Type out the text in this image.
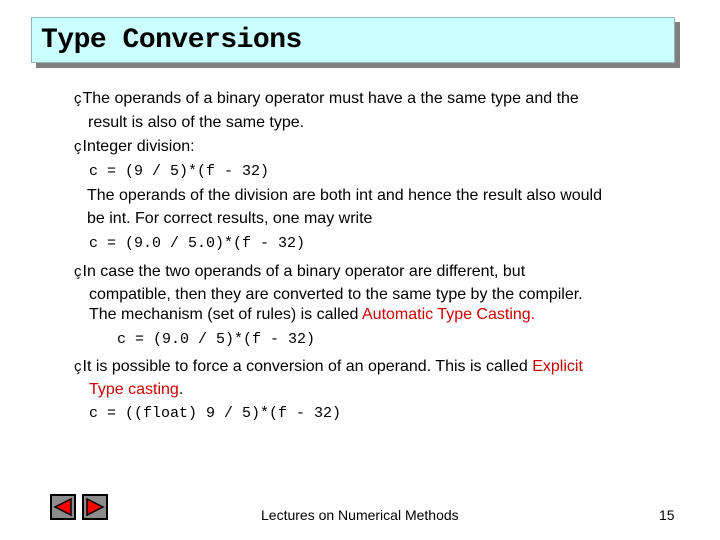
Type Conversions
çThe operands of a binary operator must have a the same type and the
result is also of the same type.
çInteger division:
c = (9 / 5)*(f - 32)
The operands of the division are both int and hence the result also would
be int. For correct results, one may write
c = (9.0 / 5.0)*(f - 32)
çIn case the two operands of a binary operator are different, but
compatible, then they are converted to the same type by the compiler.
The mechanism (set of rules) is called Automatic Type Casting.
c = (9.0 / 5)*(f - 32)
çIt is possible to force a conversion of an operand. This is called Explicit
Type casting.
c = ((float) 9 / 5)*(f - 32)
Lectures on Numerical Methods	15
